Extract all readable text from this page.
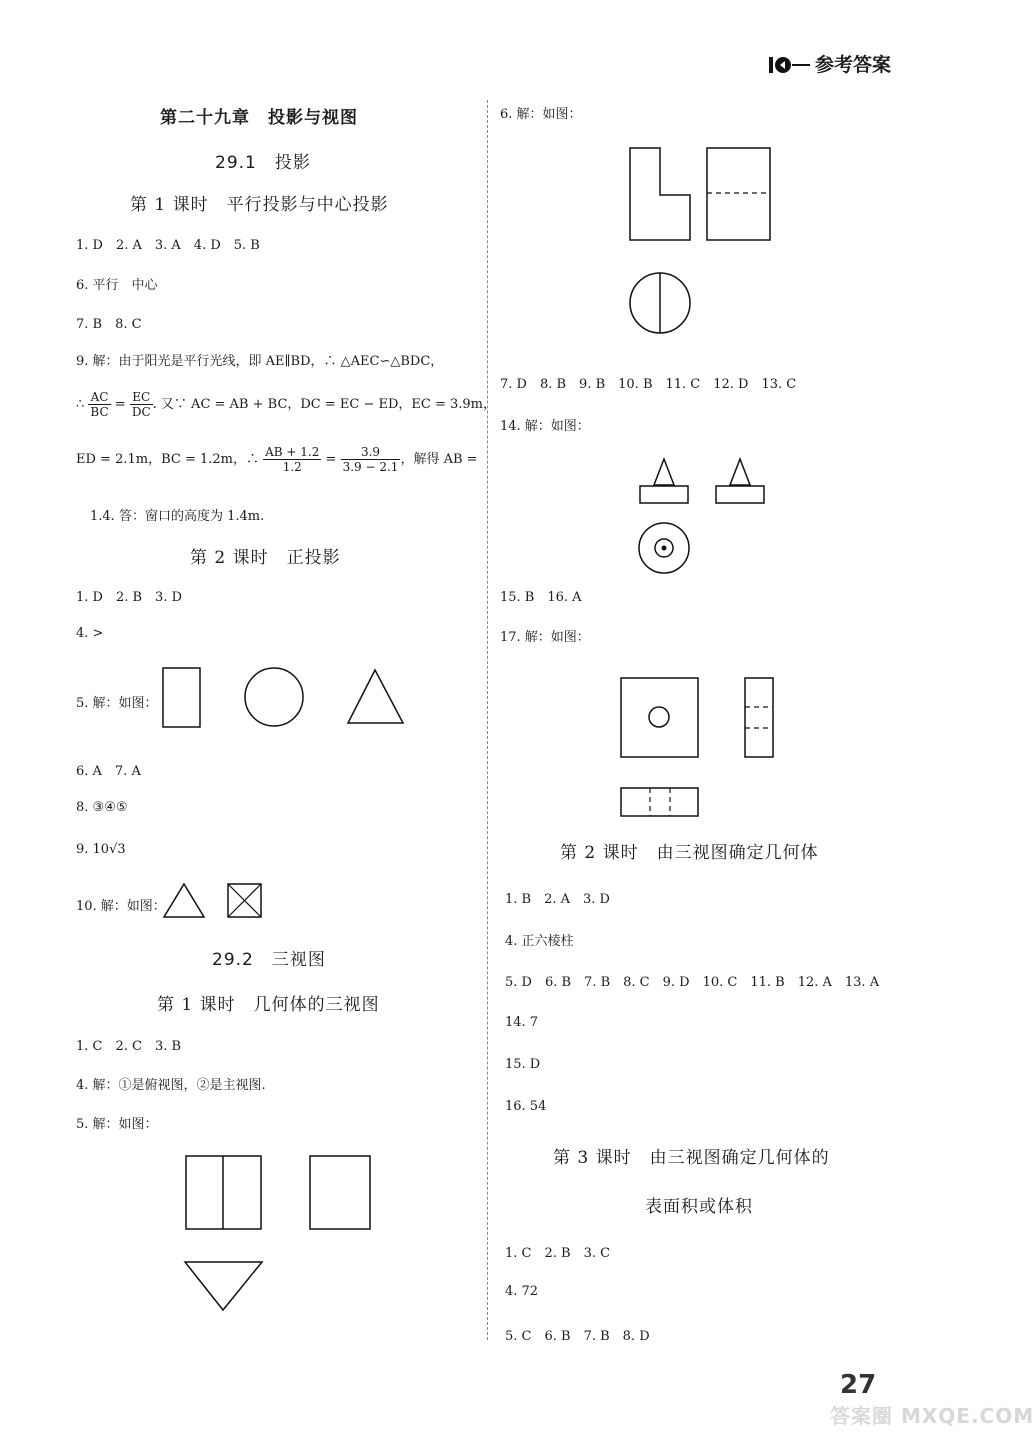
参考答案
第二十九章　投影与视图
29.1　投影
第 1 课时　平行投影与中心投影
1. D　2. A　3. A　4. D　5. B
6. 平行　中心
7. B　8. C
9. 解：由于阳光是平行光线，即 AE∥BD，∴ △AEC∽△BDC，
∴ $\frac{AC}{BC} = \frac{EC}{DC}$ . 又∵ AC = AB + BC，DC = EC − ED，EC = 3.9m，
ED = 2.1m，BC = 1.2m，∴ $\frac{AB + 1.2}{1.2} = \frac{3.9}{3.9 - 2.1}$ ，解得 AB =
1.4. 答：窗口的高度为 1.4m.
第 2 课时　正投影
1. D　2. B　3. D
4. >
5. 解：如图：
6. A　7. A
8. ③④⑤
9. 10√3
10. 解：如图：
29.2　三视图
第 1 课时　几何体的三视图
1. C　2. C　3. B
4. 解：①是俯视图，②是主视图.
5. 解：如图：
6. 解：如图：
7. D　8. B　9. B　10. B　11. C　12. D　13. C
14. 解：如图：
15. B　16. A
17. 解：如图：
第 2 课时　由三视图确定几何体
1. B　2. A　3. D
4. 正六棱柱
5. D　6. B　7. B　8. C　9. D　10. C　11. B　12. A　13. A
14. 7
15. D
16. 54
第 3 课时　由三视图确定几何体的
表面积或体积
1. C　2. B　3. C
4. 72
5. C　6. B　7. B　8. D
27
答案圈 MXQE.COM
